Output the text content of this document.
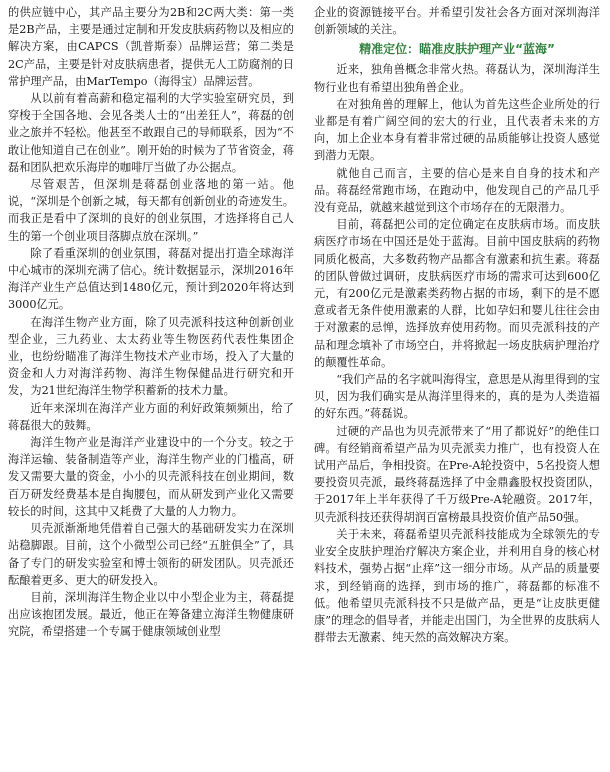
的供应链中心，其产品主要分为2B和2C两大类：第一类是2B产品，主要是通过定制和开发皮肤病药物以及相应的解决方案，由CAPCS（凯普斯泰）品牌运营；第二类是2C产品，主要是针对皮肤病患者，提供无人工防腐剂的日常护理产品，由MarTempo（海得宝）品牌运营。

从以前有着高薪和稳定福利的大学实验室研究员，到穿梭于全国各地、会见各类人士的“出差狂人”，蒋磊的创业之旅并不轻松。他甚至不敢跟自己的导师联系，因为“不敢让他知道自己在创业”。刚开始的时候为了节省资金，蒋磊和团队把欢乐海岸的咖啡厅当做了办公据点。

尽管艰苦，但深圳是蒋磊创业落地的第一站。他说，“深圳是个创新之城，每天都有创新创业的奇迹发生。而我正是看中了深圳的良好的创业氛围，才选择将自己人生的第一个创业项目落脚点放在深圳。”

除了看重深圳的创业氛围，蒋磊对提出打造全球海洋中心城市的深圳充满了信心。统计数据显示，深圳2016年海洋产业生产总值达到1480亿元，预计到2020年将达到3000亿元。

在海洋生物产业方面，除了贝壳派科技这种创新创业型企业，三九药业、太太药业等生物医药代表性集团企业，也纷纷瞄准了海洋生物技术产业市场，投入了大量的资金和人力对海洋药物、海洋生物保健品进行研究和开发，为21世纪海洋生物学积蓄新的技术力量。

近年来深圳在海洋产业方面的利好政策频频出，给了蒋磊很大的鼓舞。

海洋生物产业是海洋产业建设中的一个分支。较之于海洋运输、装备制造等产业，海洋生物产业的门槛高，研发又需要大量的资金，小小的贝壳派科技在创业期间，数百万研发经费基本是自掏腰包，而从研发到产业化又需要较长的时间，这其中又耗费了大量的人力物力。

贝壳派渐渐地凭借着自己强大的基础研发实力在深圳站稳脚跟。目前，这个小微型公司已经“五脏俱全”了，具备了专门的研发实验室和博士领衔的研发团队。贝壳派还酝酿着更多、更大的研发投入。

目前，深圳海洋生物企业以中小型企业为主，蒋磊提出应该抱团发展。最近，他正在筹备建立海洋生物健康研究院，希望搭建一个专属于健康领域创业型

企业的资源链接平台。并希望引发社会各方面对深圳海洋创新领域的关注。

精准定位：瞄准皮肤护理产业“蓝海”

近来，独角兽概念非常火热。蒋磊认为，深圳海洋生物行业也有希望出独角兽企业。

在对独角兽的理解上，他认为首先这些企业所处的行业都是有着广阔空间的宏大的行业，且代表者未来的方向，加上企业本身有着非常过硬的品质能够让投资人感觉到潜力无限。

就他自己而言，主要的信心是来自自身的技术和产品。蒋磊经常跑市场，在跑动中，他发现自己的产品几乎没有竞品，就越来越觉到这个市场存在的无限潜力。

目前，蒋磊把公司的定位确定在皮肤病市场。而皮肤病医疗市场在中国还是处于蓝海。目前中国皮肤病的药物同质化极高，大多数药物产品都含有激素和抗生素。蒋磊的团队曾做过调研，皮肤病医疗市场的需求可达到600亿元，有200亿元是激素类药物占据的市场，剩下的是不愿意或者无条件使用激素的人群，比如孕妇和婴儿往往会由于对激素的忌惮，选择放弃使用药物。而贝壳派科技的产品和理念填补了市场空白，并将掀起一场皮肤病护理治疗的颠覆性革命。

“我们产品的名字就叫海得宝，意思是从海里得到的宝贝，因为我们确实是从海洋里得来的，真的是为人类造福的好东西。”蒋磊说。

过硬的产品也为贝壳派带来了“用了都说好”的绝佳口碑。有经销商希望产品为贝壳派卖力推广，也有投资人在试用产品后，争相投资。在Pre-A轮投资中，5名投资人想要投资贝壳派，最终蒋磊选择了中金鼎鑫股权投资团队，于2017年上半年获得了千万级Pre-A轮融资。2017年，贝壳派科技还获得胡润百富榜最具投资价值产品50强。

关于未来，蒋磊希望贝壳派科技能成为全球领先的专业安全皮肤护理治疗解决方案企业，并利用自身的核心材料技术，强势占据“止痒”这一细分市场。从产品的质量要求，到经销商的选择，到市场的推广，蒋磊都的标准不低。他希望贝壳派科技不只是做产品，更是“让皮肤更健康”的理念的倡导者，并能走出国门，为全世界的皮肤病人群带去无激素、纯天然的高效解决方案。
